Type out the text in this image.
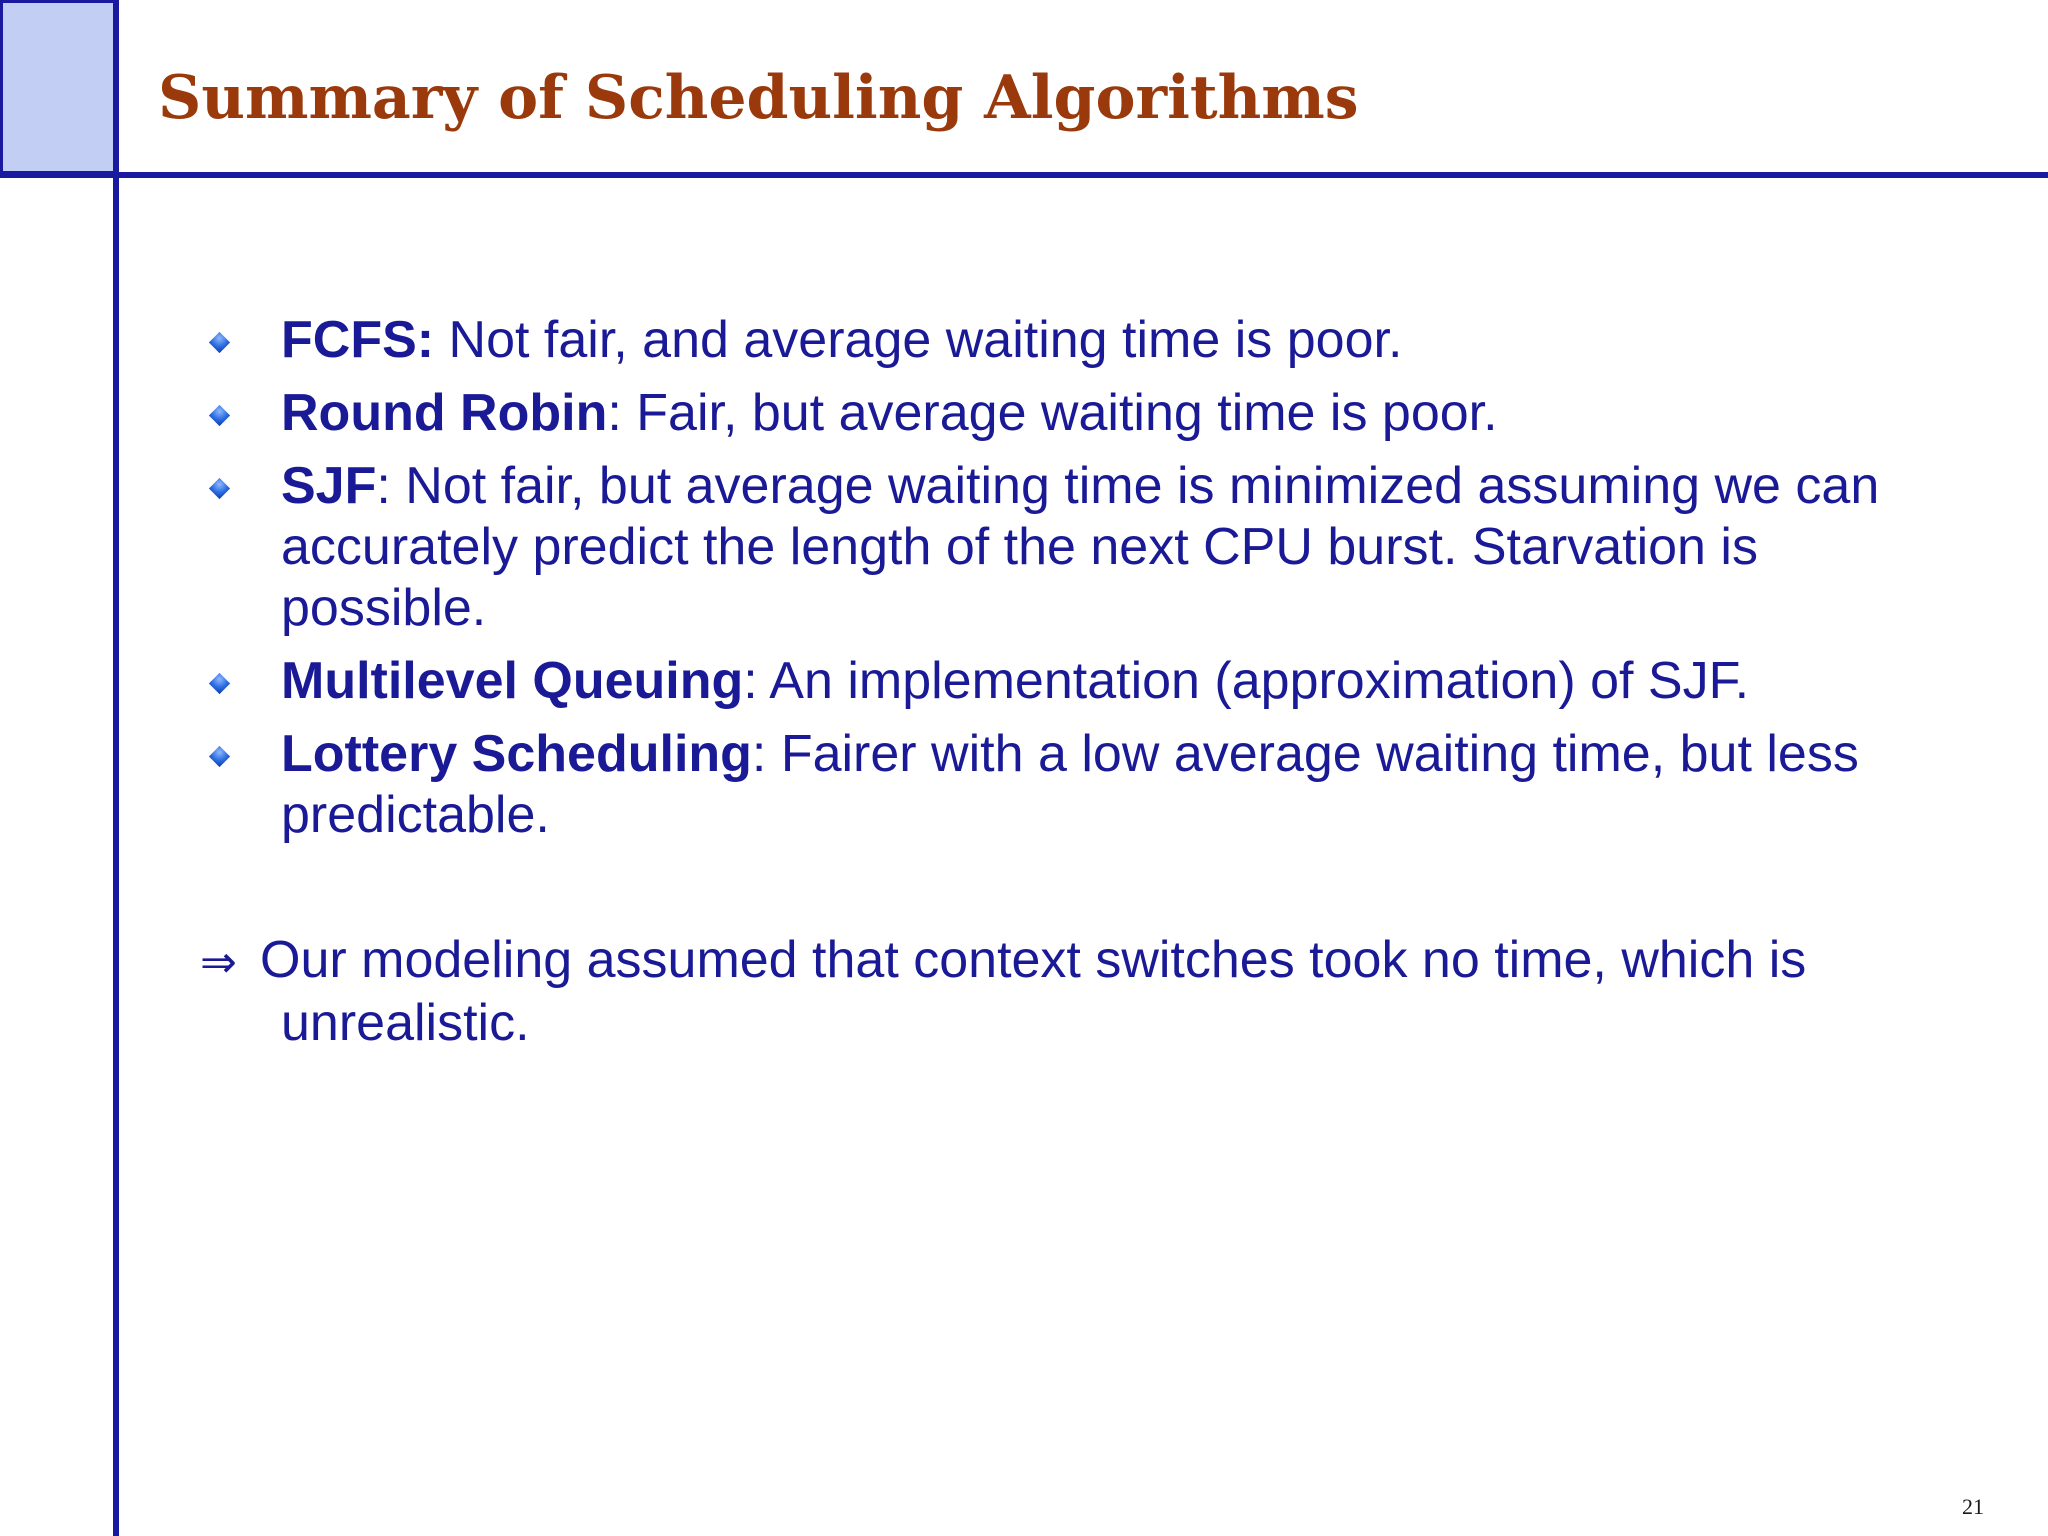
Summary of Scheduling Algorithms
FCFS: Not fair, and average waiting time is poor.
Round Robin: Fair, but average waiting time is poor.
SJF: Not fair, but average waiting time is minimized assuming we can accurately predict the length of the next CPU burst. Starvation is possible.
Multilevel Queuing: An implementation (approximation) of SJF.
Lottery Scheduling: Fairer with a low average waiting time, but less predictable.

⇒ Our modeling assumed that context switches took no time, which is unrealistic.

21
